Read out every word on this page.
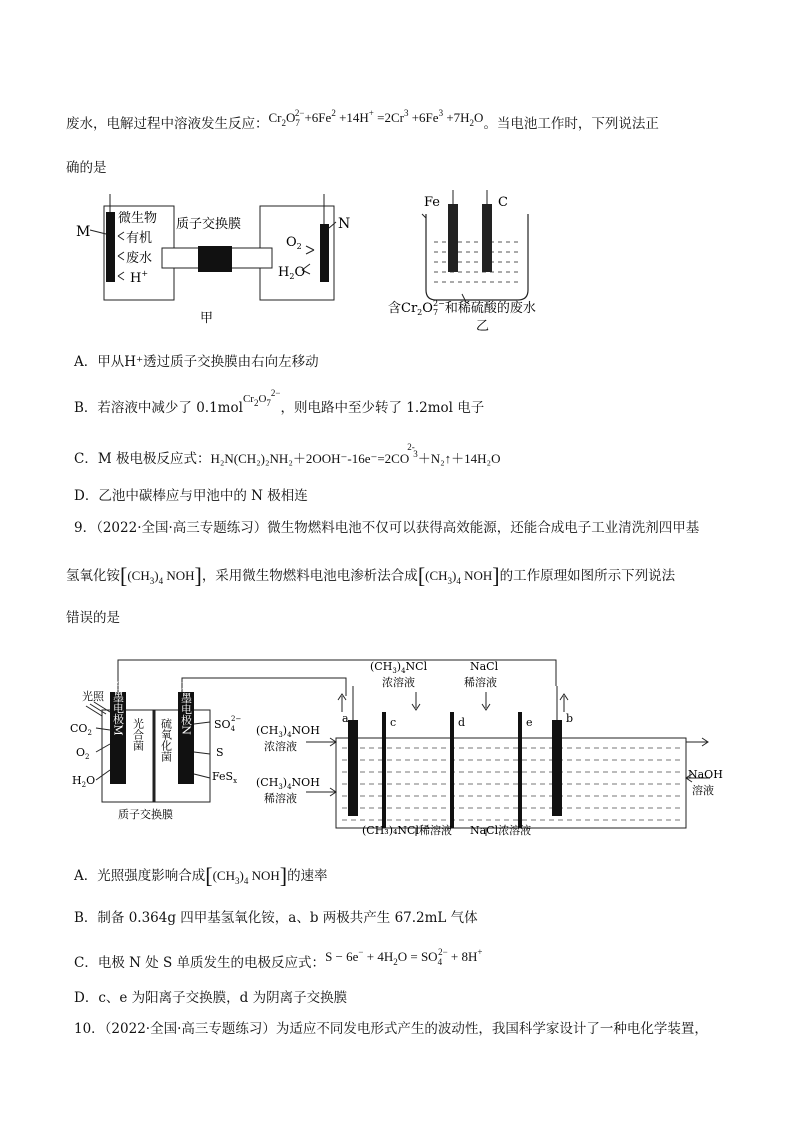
废水，电解过程中溶液发生反应：$Cr_2O_7^{2-}+6Fe^2 +14H^+ =2Cr^3 +6Fe^3 +7H_2O$。当电池工作时，下列说法正
确的是
M	N
微生物
有机
废水
H+
质子交换膜
$O_2$
$H_2O$
甲
Fe	C
含$Cr_2O_72-$和稀硫酸的废水
乙
A．甲从H⁺透过质子交换膜由右向左移动
B．若溶液中减少了 0.1mol$^{Cr_2O_7^{2-}}$，则电路中至少转了 1.2mol 电子
C．M 极电极反应式：H₂N(CH₂)₂NH₂＋2OOH⁻-16e⁻=2CO
2-
$^3$＋N₂↑＋14H₂O
D．乙池中碳棒应与甲池中的 N 极相连
9．（2022·全国·高三专题练习）微生物燃料电池不仅可以获得高效能源，还能合成电子工业清洗剂四甲基
氢氧化铵[$(CH_3)_4$ NOH]，采用微生物燃料电池电渗析法合成[$(CH_3)_4$ NOH]的工作原理如图所示下列说法
错误的是
石墨电极M	石墨电极N
光合菌 硫氧化菌
光照
$CO_2$
$O_2$
$H_2O$
$SO_42-$
S
FeS$_x$
质子交换膜
a	b
c	d	e
$(CH_3)_4NCl$
浓溶液
NaCl
稀溶液
$(CH_3)_4NOH$
浓溶液
$(CH_3)_4NOH$
稀溶液
NaOH
溶液
(CH₃)₄NCl稀溶液 NaCl浓溶液
A．光照强度影响合成[$(CH_3)_4$ NOH]的速率
B．制备 0.364g 四甲基氢氧化铵，a、b 两极共产生 67.2mL 气体
C．电极 N 处 S 单质发生的电极反应式：$S - 6e^- + 4H_2O = SO_4^{2-} + 8H^+$
D．c、e 为阳离子交换膜，d 为阴离子交换膜
10．（2022·全国·高三专题练习）为适应不同发电形式产生的波动性，我国科学家设计了一种电化学装置，
